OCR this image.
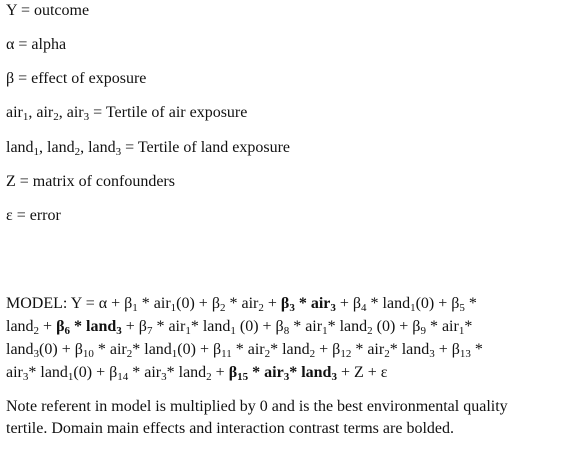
Y = outcome
α = alpha
β = effect of exposure
air$_1$, air$_2$, air$_3$ = Tertile of air exposure
land$_1$, land$_2$, land$_3$ = Tertile of land exposure
Z = matrix of confounders
ε = error
MODEL: $Y = \alpha + \beta_1 * air_1(0) + \beta_2 * air_2 + \beta_3 * air_3 + \beta_4$ * land$_1$(0) + $\beta_5$ *
land$_2$ + $\beta_6$ * land$_3$ + $\beta_7 * air_1*$ land$_1$ $(0) + \beta_8 * air_1*$ land$_2$ $(0) + \beta_9 * air_1*$
land$_3$(0) + $\beta_{10} * air_2*$ land$_1$(0) + $\beta_{11} * air_2*$ land$_2$ + $\beta_{12} * air_2*$ land$_3$ + $\beta_{13}$ *
air$_3$* land$_1$(0) + $\beta_{14} * air_3*$ land$_2$ + $\beta_{15} * air_3*$ land$_3$ + Z + ε
Note referent in model is multiplied by 0 and is the best environmental quality tertile. Domain main effects and interaction contrast terms are bolded.
